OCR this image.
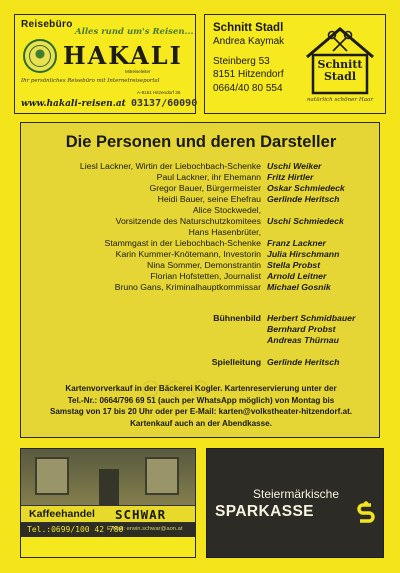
Reisebüro
Alles rund um's Reisen...
HAKALI
Mitreiseleiter
Ihr persönliches Reisebüro mit Internetreiseportal
A-8151 Hitzendorf 36
www.hakali-reisen.at 03137/60090
Schnitt Stadl
Andrea Kaymak
Steinberg 53
8151 Hitzendorf
0664/40 80 554
Schnitt
Stadl
natürlich schöner Haar
Die Personen und deren Darsteller
○○○
Liesl Lackner, Wirtin der Liebochbach-Schenke Uschi Weiker
Paul Lackner, ihr Ehemann Fritz Hirtler
Gregor Bauer, Bürgermeister Oskar Schmiedeck
Heidi Bauer, seine Ehefrau Gerlinde Heritsch
Alice Stockwedel,
Vorsitzende des Naturschutzkomitees Uschi Schmiedeck
Hans Hasenbrüter,
Stammgast in der Liebochbach-Schenke Franz Lackner
Karin Kummer-Knötemann, Investorin Julia Hirschmann
Nina Sommer, Demonstrantin Stella Probst
Florian Hofstetten, Journalist Arnold Leitner
Bruno Gans, Kriminalhauptkommissar Michael Gosnik
Bühnenbild Herbert Schmidbauer
Bernhard Probst
Andreas Thürnau
Spielleitung Gerlinde Heritsch
Kartenvorverkauf in der Bäckerei Kogler. Kartenreservierung unter der
Tel.-Nr.: 0664/796 69 51 (auch per WhatsApp möglich) von Montag bis
Samstag von 17 bis 20 Uhr oder per E-Mail: karten@volkstheater-hitzendorf.at.
Kartenkauf auch an der Abendkasse.
Kaffeehandel SCHWAR
Tel.:0699/100 42 780
E-Mail: erwin.schwar@aon.at
Steiermärkische
SPARKASSE
